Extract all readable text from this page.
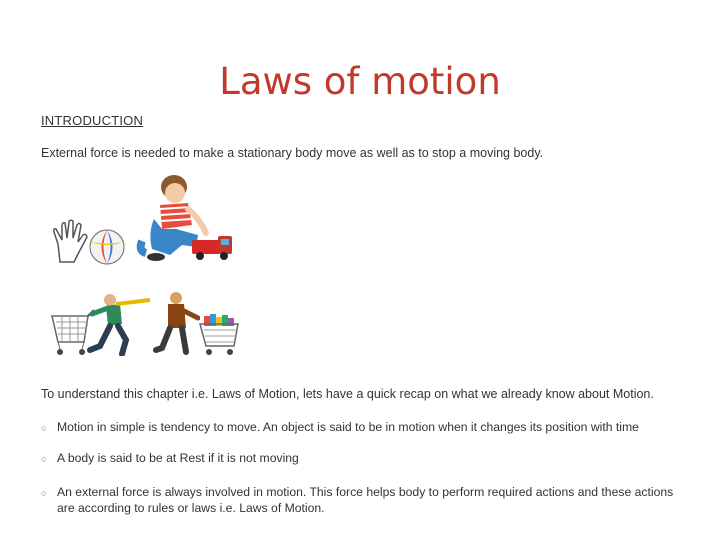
Laws of motion
INTRODUCTION
External force is needed to make a stationary body move as well as to stop a moving body.
To understand this chapter i.e. Laws of Motion, lets have a quick recap on what we already know about Motion.
○ Motion in simple is tendency to move. An object is said to be in motion when it changes its position with time
○ A body is said to be at Rest if it is not moving
○ An external force is always involved in motion. This force helps body to perform required actions and these actions are according to rules or laws i.e. Laws of Motion.
